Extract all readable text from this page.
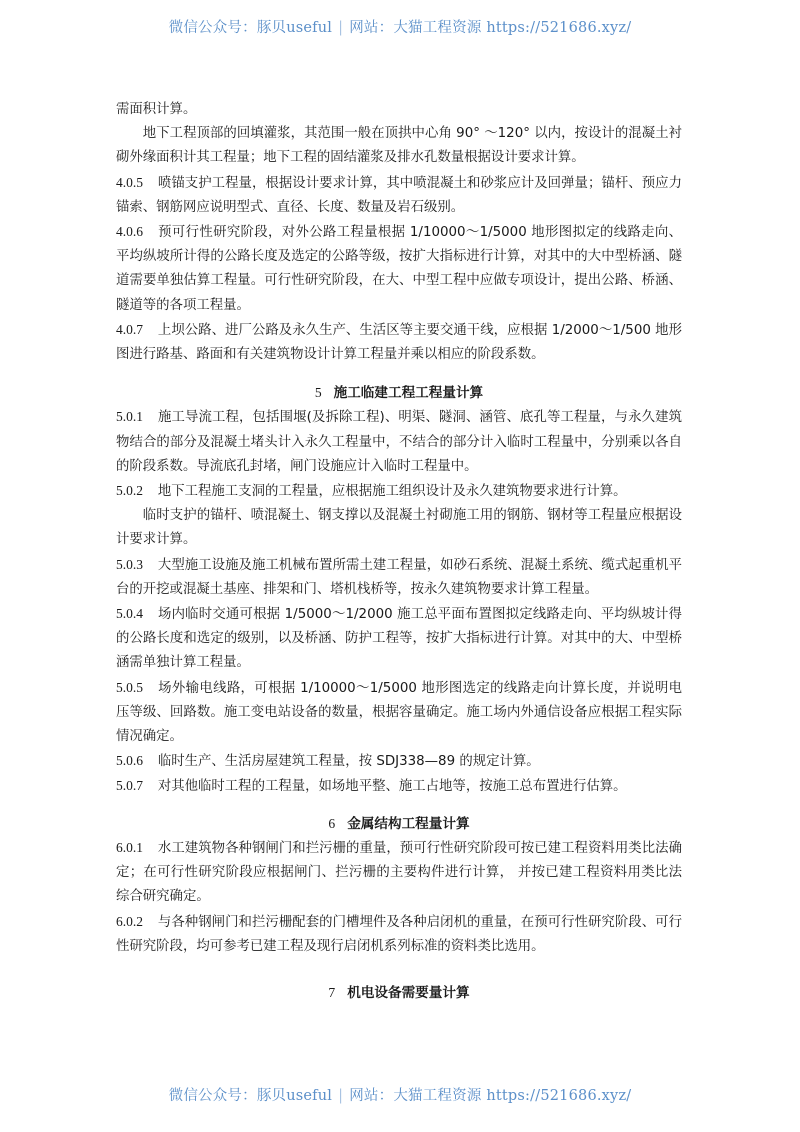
微信公众号：豚贝useful | 网站：大猫工程资源 https://521686.xyz/

需面积计算。

地下工程顶部的回填灌浆，其范围一般在顶拱中心角 90° ～120° 以内，按设计的混凝土衬砌外缘面积计其工程量；地下工程的固结灌浆及排水孔数量根据设计要求计算。

4.0.5 喷锚支护工程量，根据设计要求计算，其中喷混凝土和砂浆应计及回弹量；锚杆、预应力锚索、钢筋网应说明型式、直径、长度、数量及岩石级别。

4.0.6 预可行性研究阶段，对外公路工程量根据 1/10000～1/5000 地形图拟定的线路走向、平均纵坡所计得的公路长度及选定的公路等级，按扩大指标进行计算，对其中的大中型桥涵、隧道需要单独估算工程量。可行性研究阶段，在大、中型工程中应做专项设计，提出公路、桥涵、隧道等的各项工程量。

4.0.7 上坝公路、进厂公路及永久生产、生活区等主要交通干线，应根据 1/2000～1/500 地形图进行路基、路面和有关建筑物设计计算工程量并乘以相应的阶段系数。

5 施工临建工程工程量计算

5.0.1 施工导流工程，包括围堰(及拆除工程)、明渠、隧洞、涵管、底孔等工程量，与永久建筑物结合的部分及混凝土堵头计入永久工程量中，不结合的部分计入临时工程量中，分别乘以各自的阶段系数。导流底孔封堵，闸门设施应计入临时工程量中。

5.0.2 地下工程施工支洞的工程量，应根据施工组织设计及永久建筑物要求进行计算。

临时支护的锚杆、喷混凝土、钢支撑以及混凝土衬砌施工用的钢筋、钢材等工程量应根据设计要求计算。

5.0.3 大型施工设施及施工机械布置所需土建工程量，如砂石系统、混凝土系统、缆式起重机平台的开挖或混凝土基座、排架和门、塔机栈桥等，按永久建筑物要求计算工程量。

5.0.4 场内临时交通可根据 1/5000～1/2000 施工总平面布置图拟定线路走向、平均纵坡计得的公路长度和选定的级别，以及桥涵、防护工程等，按扩大指标进行计算。对其中的大、中型桥涵需单独计算工程量。

5.0.5 场外输电线路，可根据 1/10000～1/5000 地形图选定的线路走向计算长度，并说明电压等级、回路数。施工变电站设备的数量，根据容量确定。施工场内外通信设备应根据工程实际情况确定。

5.0.6 临时生产、生活房屋建筑工程量，按 SDJ338—89 的规定计算。

5.0.7 对其他临时工程的工程量，如场地平整、施工占地等，按施工总布置进行估算。

6 金属结构工程量计算

6.0.1 水工建筑物各种钢闸门和拦污栅的重量，预可行性研究阶段可按已建工程资料用类比法确定；在可行性研究阶段应根据闸门、拦污栅的主要构件进行计算， 并按已建工程资料用类比法综合研究确定。

6.0.2 与各种钢闸门和拦污栅配套的门槽埋件及各种启闭机的重量，在预可行性研究阶段、可行性研究阶段，均可参考已建工程及现行启闭机系列标准的资料类比选用。

7 机电设备需要量计算
微信公众号：豚贝useful | 网站：大猫工程资源 https://521686.xyz/
